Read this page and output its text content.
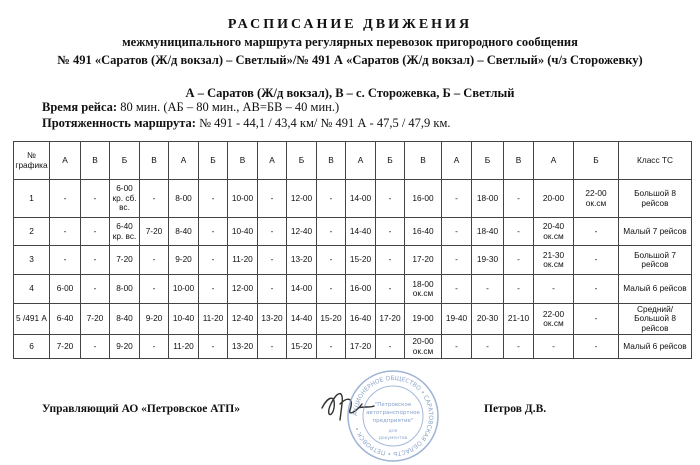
РАСПИСАНИЕ ДВИЖЕНИЯ
межмуниципального маршрута регулярных перевозок пригородного сообщения
№ 491 «Саратов (Ж/д вокзал) – Светлый»/№ 491 А «Саратов (Ж/д вокзал) – Светлый» (ч/з Сторожевку)
А – Саратов (Ж/д вокзал), В – с. Сторожевка, Б – Светлый
Время рейса: 80 мин. (АБ – 80 мин., АВ=БВ – 40 мин.)
Протяженность маршрута: № 491 - 44,1 / 43,4 км/ № 491 А - 47,5 / 47,9 км.
№ графика	А	В	Б	В	А	Б	В	А	Б	В	А	Б	В	А	Б	В	А	Б	Класс ТС
1	-	-	6-00 кр. сб. вс.	-	8-00	-	10-00	-	12-00	-	14-00	-	16-00	-	18-00	-	20-00	22-00 ок.см	Большой 8 рейсов
2	-	-	6-40 кр. вс.	7-20	8-40	-	10-40	-	12-40	-	14-40	-	16-40	-	18-40	-	20-40 ок.см	-	Малый 7 рейсов
3	-	-	7-20	-	9-20	-	11-20	-	13-20	-	15-20	-	17-20	-	19-30	-	21-30 ок.см	-	Большой 7 рейсов
4	6-00	-	8-00	-	10-00	-	12-00	-	14-00	-	16-00	-	18-00 ок.см	-	-	-	-	-	Малый 6 рейсов
5 /491 А	6-40	7-20	8-40	9-20	10-40	11-20	12-40	13-20	14-40	15-20	16-40	17-20	19-00	19-40	20-30	21-10	22-00 ок.см	-	Средний/ Большой 8 рейсов
6	7-20	-	9-20	-	11-20	-	13-20	-	15-20	-	17-20	-	20-00 ок.см	-	-	-	-	-	Малый 6 рейсов
Управляющий АО «Петровское АТП»	Петров Д.В.
АКЦИОНЕРНОЕ ОБЩЕСТВО • САРАТОВСКАЯ ОБЛАСТЬ • ПЕТРОВСК •
"Петровское
автотранспортное
предприятие"
для
документов
